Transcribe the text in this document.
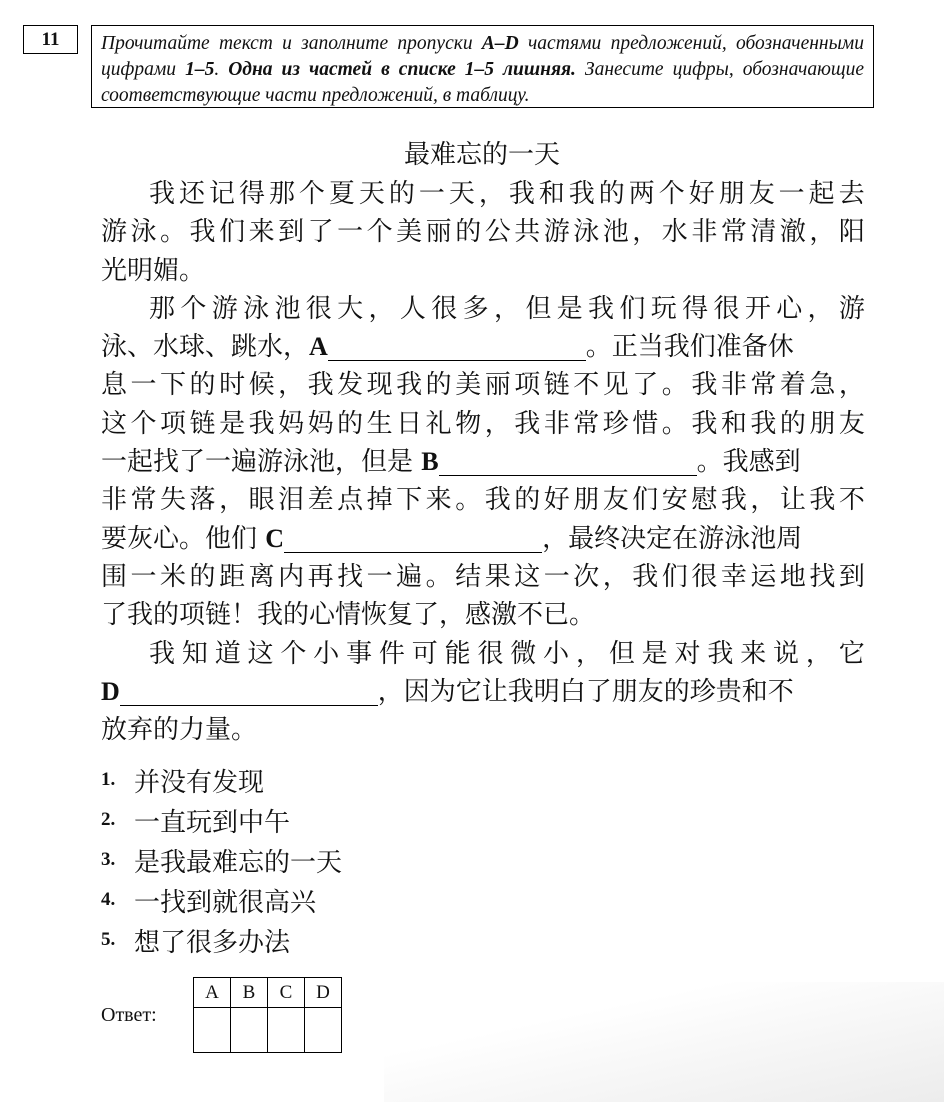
11	Прочитайте текст и заполните пропуски A–D частями предложений, обозначенными цифрами 1–5. Одна из частей в списке 1–5 лишняя. Занесите цифры, обозначающие соответствующие части предложений, в таблицу.
最难忘的一天
我 还 记 得 那 个 夏 天 的 一 天 ， 我 和 我 的 两 个 好 朋 友 一 起 去
游 泳 。 我 们 来 到 了 一 个 美 丽 的 公 共 游 泳 池 ， 水 非 常 清 澈 ， 阳
光明媚。
那 个 游 泳 池 很 大 ， 人 很 多 ， 但 是 我 们 玩 得 很 开 心 ， 游
泳、水球、跳水，A	。正当我们准备休
息 一 下 的 时 候 ， 我 发 现 我 的 美 丽 项 链 不 见 了 。 我 非 常 着 急 ，
这 个 项 链 是 我 妈 妈 的 生 日 礼 物 ， 我 非 常 珍 惜 。 我 和 我 的 朋 友
一起找了一遍游泳池，但是 B	。我感到
非 常 失 落 ， 眼 泪 差 点 掉 下 来 。 我 的 好 朋 友 们 安 慰 我 ， 让 我 不
要灰心。他们 C	，最终决定在游泳池周
围 一 米 的 距 离 内 再 找 一 遍 。 结 果 这 一 次 ， 我 们 很 幸 运 地 找 到
了我的项链！我的心情恢复了，感激不已。
我 知 道 这 个 小 事 件 可 能 很 微 小 ， 但 是 对 我 来 说 ， 它
D	，因为它让我明白了朋友的珍贵和不
放弃的力量。
1. 并没有发现
2. 一直玩到中午
3. 是我最难忘的一天
4. 一找到就很高兴
5. 想了很多办法
Ответ:
A	B	C	D
